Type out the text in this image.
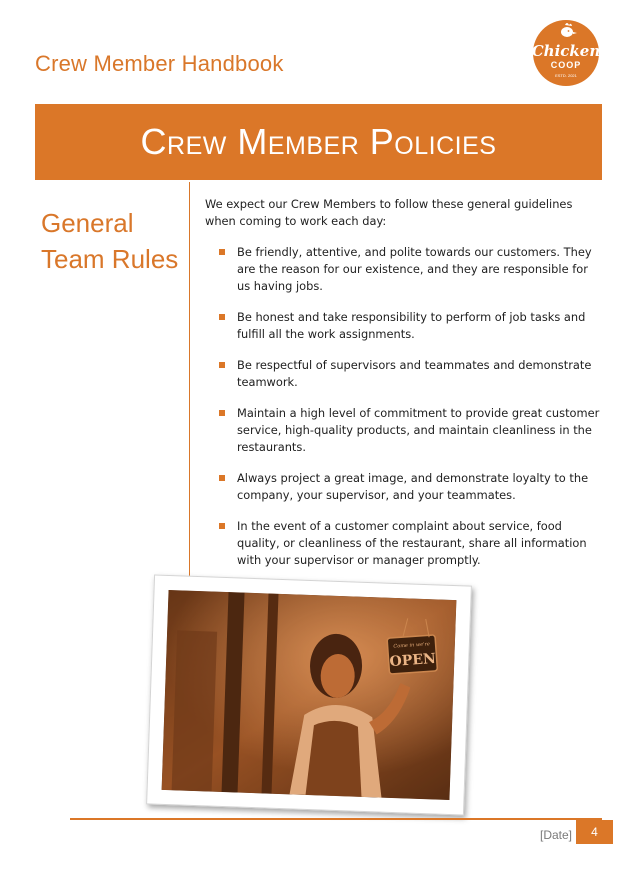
Crew Member Handbook	Chicken
COOP
ESTD. 2021
Crew Member Policies
General
Team Rules

We expect our Crew Members to follow these general guidelines when coming to work each day:

Be friendly, attentive, and polite towards our customers. They are the reason for our existence, and they are responsible for us having jobs.
Be honest and take responsibility to perform of job tasks and fulfill all the work assignments.
Be respectful of supervisors and teammates and demonstrate teamwork.
Maintain a high level of commitment to provide great customer service, high-quality products, and maintain cleanliness in the restaurants.
Always project a great image, and demonstrate loyalty to the company, your supervisor, and your teammates.
In the event of a customer complaint about service, food quality, or cleanliness of the restaurant, share all information with your supervisor or manager promptly.
Come in we're
OPEN
[Date]	4
